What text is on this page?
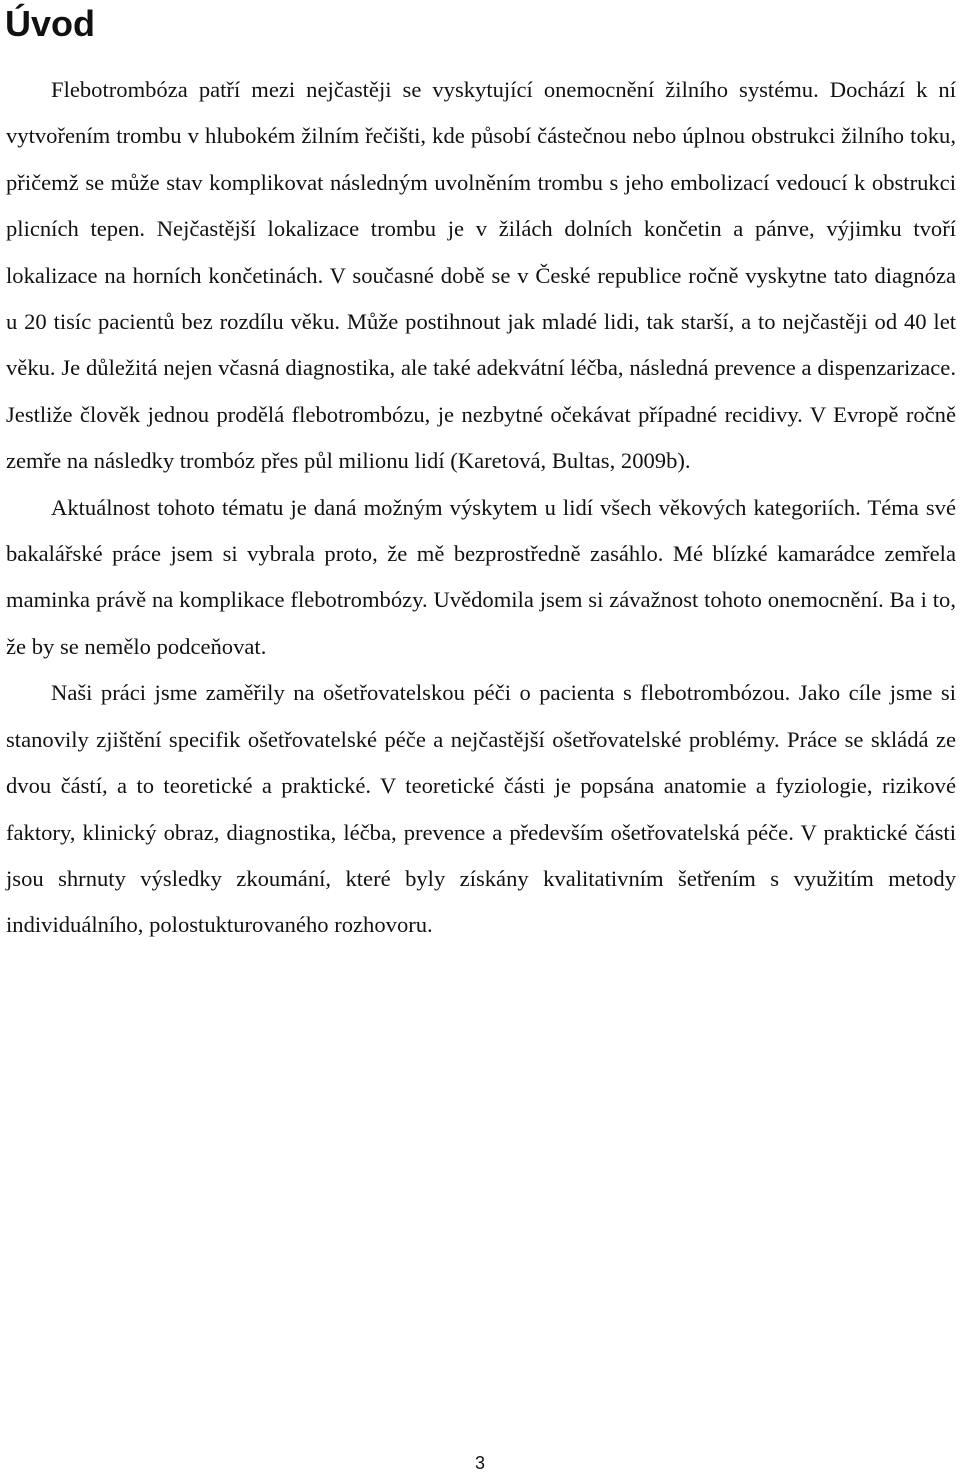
Úvod

Flebotrombóza patří mezi nejčastěji se vyskytující onemocnění žilního systému. Dochází k ní vytvořením trombu v hlubokém žilním řečišti, kde působí částečnou nebo úplnou obstrukci žilního toku, přičemž se může stav komplikovat následným uvolněním trombu s jeho embolizací vedoucí k obstrukci plicních tepen. Nejčastější lokalizace trombu je v žilách dolních končetin a pánve, výjimku tvoří lokalizace na horních končetinách. V současné době se v České republice ročně vyskytne tato diagnóza u 20 tisíc pacientů bez rozdílu věku. Může postihnout jak mladé lidi, tak starší, a to nejčastěji od 40 let věku. Je důležitá nejen včasná diagnostika, ale také adekvátní léčba, následná prevence a dispenzarizace. Jestliže člověk jednou prodělá flebotrombózu, je nezbytné očekávat případné recidivy. V Evropě ročně zemře na následky trombóz přes půl milionu lidí (Karetová, Bultas, 2009b).

Aktuálnost tohoto tématu je daná možným výskytem u lidí všech věkových kategoriích. Téma své bakalářské práce jsem si vybrala proto, že mě bezprostředně zasáhlo. Mé blízké kamarádce zemřela maminka právě na komplikace flebotrombózy. Uvědomila jsem si závažnost tohoto onemocnění. Ba i to, že by se nemělo podceňovat.

Naši práci jsme zaměřily na ošetřovatelskou péči o pacienta s flebotrombózou. Jako cíle jsme si stanovily zjištění specifik ošetřovatelské péče a nejčastější ošetřovatelské problémy. Práce se skládá ze dvou částí, a to teoretické a praktické. V teoretické části je popsána anatomie a fyziologie, rizikové faktory, klinický obraz, diagnostika, léčba, prevence a především ošetřovatelská péče. V praktické části jsou shrnuty výsledky zkoumání, které byly získány kvalitativním šetřením s využitím metody individuálního, polostukturovaného rozhovoru.

3
